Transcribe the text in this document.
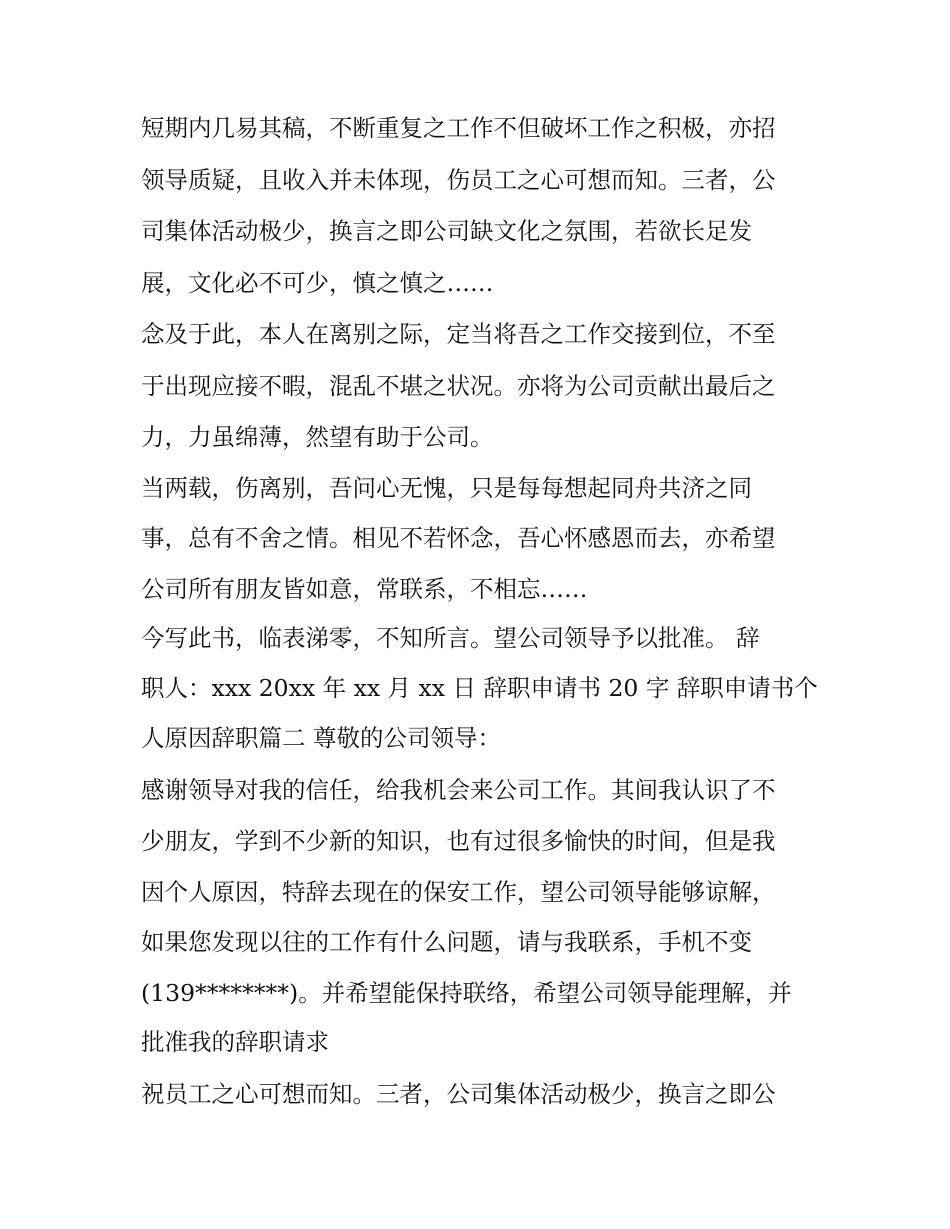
短期内几易其稿，不断重复之工作不但破坏工作之积极，亦招
领导质疑，且收入并未体现，伤员工之心可想而知。三者，公
司集体活动极少，换言之即公司缺文化之氛围，若欲长足发
展，文化必不可少，慎之慎之……
念及于此，本人在离别之际，定当将吾之工作交接到位，不至
于出现应接不暇，混乱不堪之状况。亦将为公司贡献出最后之
力，力虽绵薄，然望有助于公司。
当两载，伤离别，吾问心无愧，只是每每想起同舟共济之同
事，总有不舍之情。相见不若怀念，吾心怀感恩而去，亦希望
公司所有朋友皆如意，常联系，不相忘……
今写此书，临表涕零，不知所言。望公司领导予以批准。 辞
职人：xxx 20xx 年 xx 月 xx 日 辞职申请书 20 字 辞职申请书个
人原因辞职篇二 尊敬的公司领导：
感谢领导对我的信任，给我机会来公司工作。其间我认识了不
少朋友，学到不少新的知识，也有过很多愉快的时间，但是我
因个人原因，特辞去现在的保安工作，望公司领导能够谅解，
如果您发现以往的工作有什么问题，请与我联系，手机不变
(139********)。并希望能保持联络，希望公司领导能理解，并
批准我的辞职请求
祝员工之心可想而知。三者，公司集体活动极少，换言之即公
